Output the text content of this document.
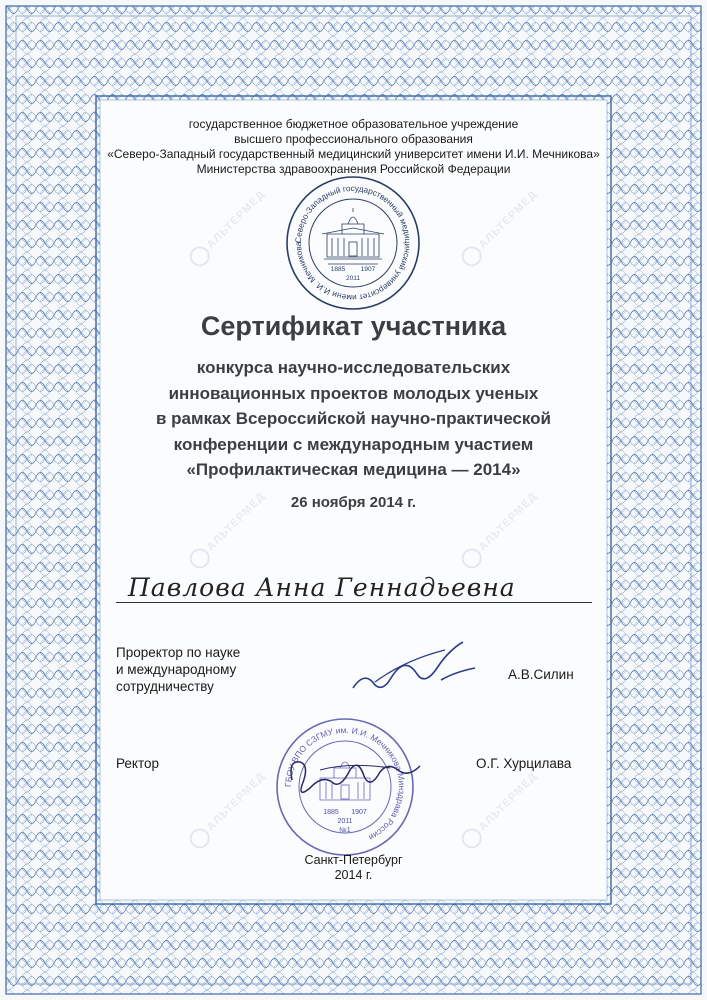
АЛЬТЕРМЕД	АЛЬТЕРМЕД
АЛЬТЕРМЕД	АЛЬТЕРМЕД
АЛЬТЕРМЕД	АЛЬТЕРМЕД
государственное бюджетное образовательное учреждение
высшего профессионального образования
«Северо-Западный государственный медицинский университет имени И.И. Мечникова»
Министерства здравоохранения Российской Федерации
Северо-Западный государственный медицинский университет имени И.И. Мечникова
1885 1907
2011
Сертификат участника
конкурса научно-исследовательских
инновационных проектов молодых ученых
в рамках Всероссийской научно-практической
конференции с международным участием
«Профилактическая медицина — 2014»
26 ноября 2014 г.
Павлова Анна Геннадьевна
Проректор по науке
и международному
сотрудничеству
А.В.Силин
Ректор	О.Г. Хурцилава
ГБОУ ВПО СЗГМУ им. И.И. Мечникова Минздрава России
1885 1907
2011
№1
Санкт-Петербург
2014 г.
